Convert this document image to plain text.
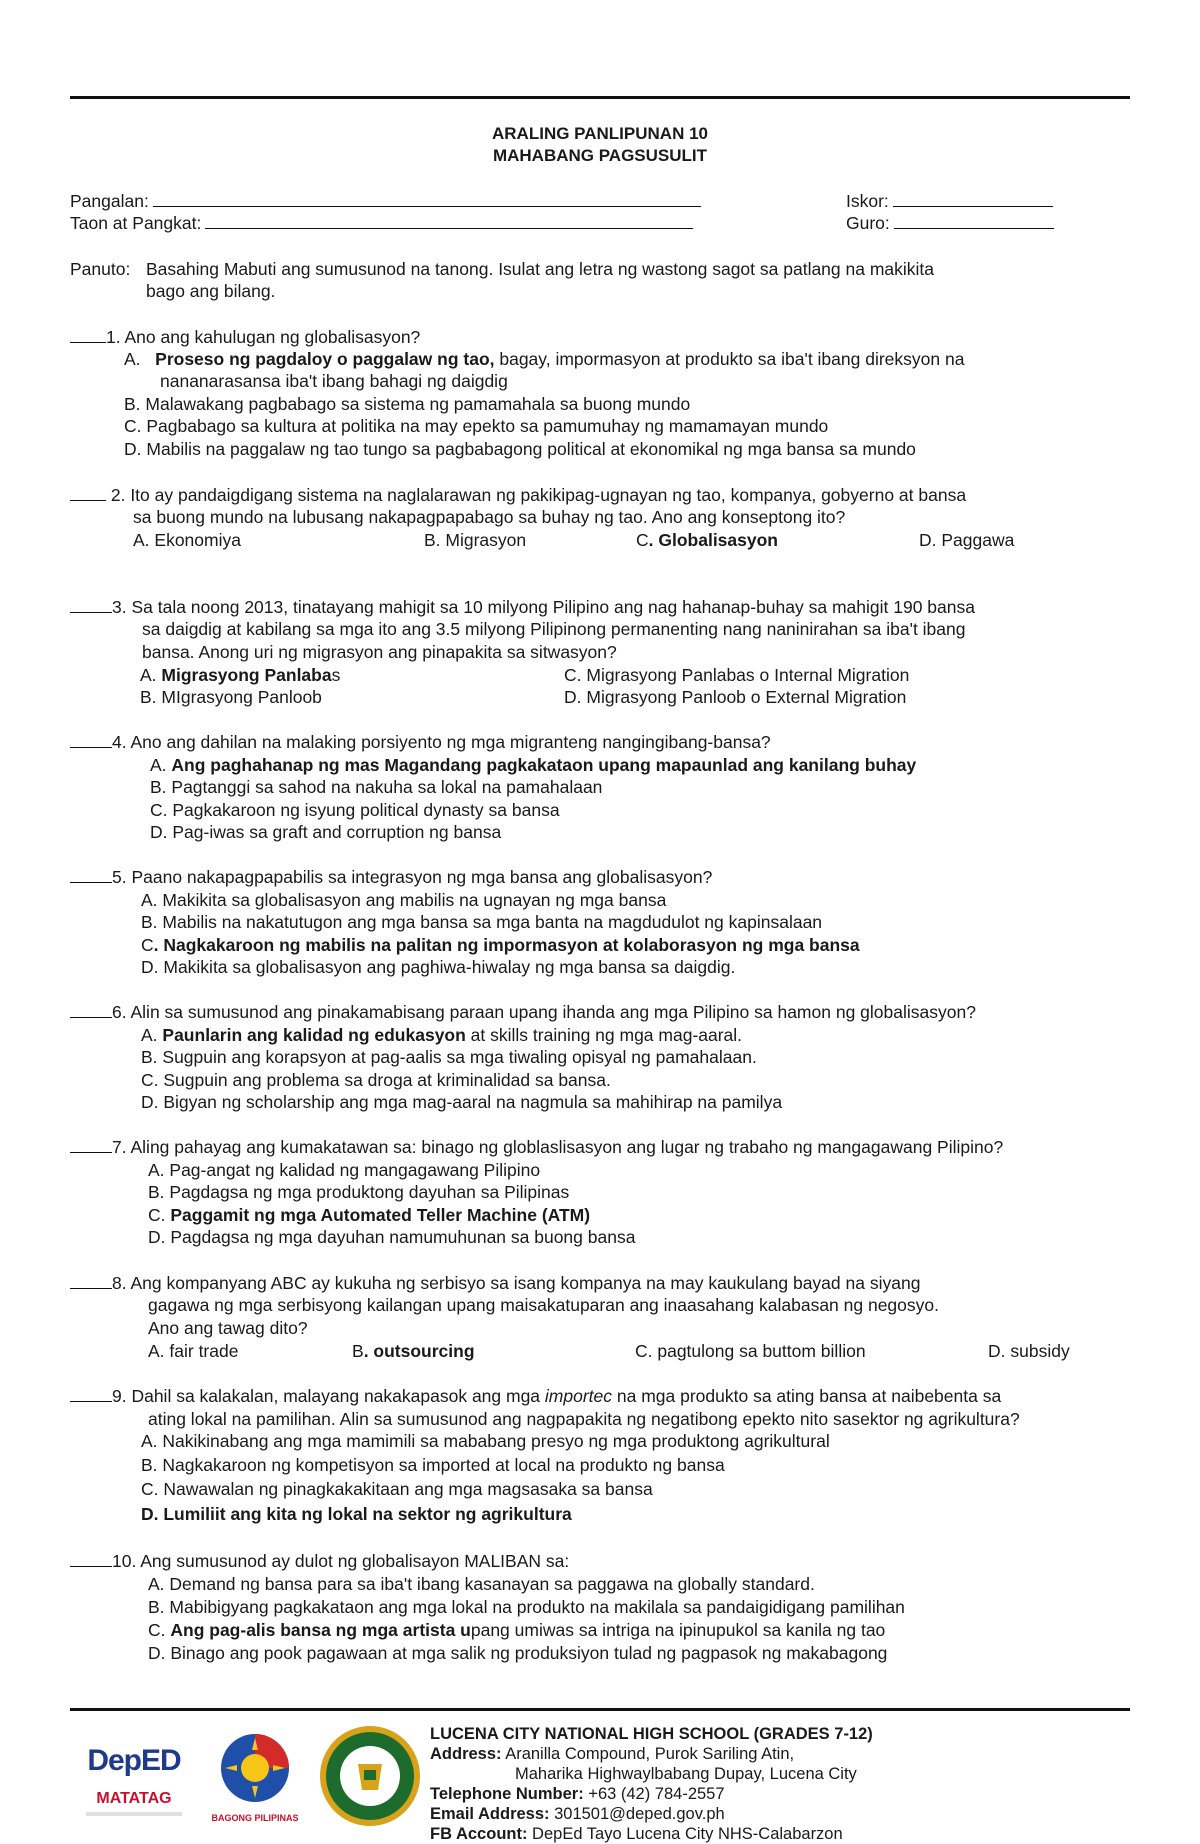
ARALING PANLIPUNAN 10
MAHABANG PAGSUSULIT
Pangalan:
Taon at Pangkat:
Iskor:
Guro:
Panuto: Basahing Mabuti ang sumusunod na tanong. Isulat ang letra ng wastong sagot sa patlang na makikita
bago ang bilang.
1. Ano ang kahulugan ng globalisasyon?
A. Proseso ng pagdaloy o paggalaw ng tao, bagay, impormasyon at produkto sa iba't ibang direksyon na
nananarasansa iba't ibang bahagi ng daigdig
B. Malawakang pagbabago sa sistema ng pamamahala sa buong mundo
C. Pagbabago sa kultura at politika na may epekto sa pamumuhay ng mamamayan mundo
D. Mabilis na paggalaw ng tao tungo sa pagbabagong political at ekonomikal ng mga bansa sa mundo
2. Ito ay pandaigdigang sistema na naglalarawan ng pakikipag-ugnayan ng tao, kompanya, gobyerno at bansa
sa buong mundo na lubusang nakapagpapabago sa buhay ng tao. Ano ang konseptong ito?
A. Ekonomiya	B. Migrasyon	C. Globalisasyon	D. Paggawa
3. Sa tala noong 2013, tinatayang mahigit sa 10 milyong Pilipino ang nag hahanap-buhay sa mahigit 190 bansa
sa daigdig at kabilang sa mga ito ang 3.5 milyong Pilipinong permanenting nang naninirahan sa iba't ibang
bansa. Anong uri ng migrasyon ang pinapakita sa sitwasyon?
A. Migrasyong Panlabas	C. Migrasyong Panlabas o Internal Migration
B. MIgrasyong Panloob	D. Migrasyong Panloob o External Migration
4. Ano ang dahilan na malaking porsiyento ng mga migranteng nangingibang-bansa?
A. Ang paghahanap ng mas Magandang pagkakataon upang mapaunlad ang kanilang buhay
B. Pagtanggi sa sahod na nakuha sa lokal na pamahalaan
C. Pagkakaroon ng isyung political dynasty sa bansa
D. Pag-iwas sa graft and corruption ng bansa
5. Paano nakapagpapabilis sa integrasyon ng mga bansa ang globalisasyon?
A. Makikita sa globalisasyon ang mabilis na ugnayan ng mga bansa
B. Mabilis na nakatutugon ang mga bansa sa mga banta na magdudulot ng kapinsalaan
C. Nagkakaroon ng mabilis na palitan ng impormasyon at kolaborasyon ng mga bansa
D. Makikita sa globalisasyon ang paghiwa-hiwalay ng mga bansa sa daigdig.
6. Alin sa sumusunod ang pinakamabisang paraan upang ihanda ang mga Pilipino sa hamon ng globalisasyon?
A. Paunlarin ang kalidad ng edukasyon at skills training ng mga mag-aaral.
B. Sugpuin ang korapsyon at pag-aalis sa mga tiwaling opisyal ng pamahalaan.
C. Sugpuin ang problema sa droga at kriminalidad sa bansa.
D. Bigyan ng scholarship ang mga mag-aaral na nagmula sa mahihirap na pamilya
7. Aling pahayag ang kumakatawan sa: binago ng globlaslisasyon ang lugar ng trabaho ng mangagawang Pilipino?
A. Pag-angat ng kalidad ng mangagawang Pilipino
B. Pagdagsa ng mga produktong dayuhan sa Pilipinas
C. Paggamit ng mga Automated Teller Machine (ATM)
D. Pagdagsa ng mga dayuhan namumuhunan sa buong bansa
8. Ang kompanyang ABC ay kukuha ng serbisyo sa isang kompanya na may kaukulang bayad na siyang
gagawa ng mga serbisyong kailangan upang maisakatuparan ang inaasahang kalabasan ng negosyo.
Ano ang tawag dito?
A. fair trade	B. outsourcing	C. pagtulong sa buttom billion	D. subsidy
9. Dahil sa kalakalan, malayang nakakapasok ang mga importec na mga produkto sa ating bansa at naibebenta sa
ating lokal na pamilihan. Alin sa sumusunod ang nagpapakita ng negatibong epekto nito sasektor ng agrikultura?
A. Nakikinabang ang mga mamimili sa mababang presyo ng mga produktong agrikultural
B. Nagkakaroon ng kompetisyon sa imported at local na produkto ng bansa
C. Nawawalan ng pinagkakakitaan ang mga magsasaka sa bansa
D. Lumiliit ang kita ng lokal na sektor ng agrikultura
10. Ang sumusunod ay dulot ng globalisayon MALIBAN sa:
A. Demand ng bansa para sa iba't ibang kasanayan sa paggawa na globally standard.
B. Mabibigyang pagkakataon ang mga lokal na produkto na makilala sa pandaigidigang pamilihan
C. Ang pag-alis bansa ng mga artista upang umiwas sa intriga na ipinupukol sa kanila ng tao
D. Binago ang pook pagawaan at mga salik ng produksiyon tulad ng pagpasok ng makabagong
DepED
MATATAG
BAGONG PILIPINAS
LUCENA CITY NATIONAL HIGH SCHOOL (GRADES 7-12)
Address: Aranilla Compound, Purok Sariling Atin,
Maharika Highwaylbabang Dupay, Lucena City
Telephone Number: +63 (42) 784-2557
Email Address: 301501@deped.gov.ph
FB Account: DepEd Tayo Lucena City NHS-Calabarzon
